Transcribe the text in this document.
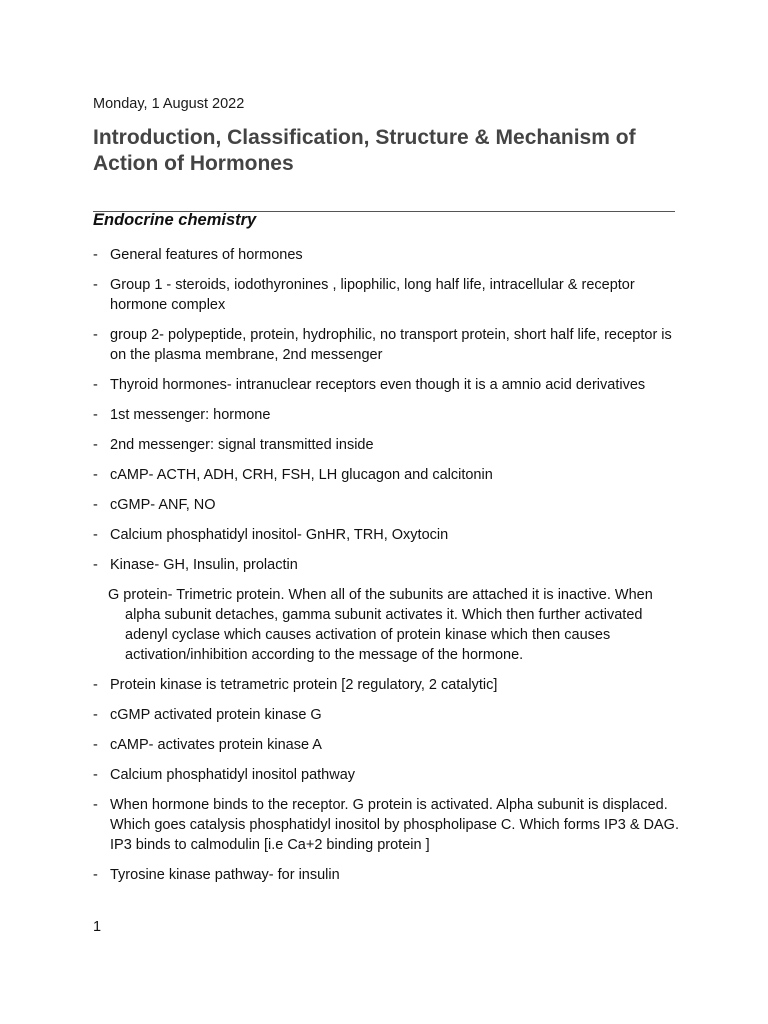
Monday, 1 August 2022
Introduction, Classification, Structure & Mechanism of Action of Hormones
Endocrine chemistry
- General features of hormones
- Group 1 - steroids, iodothyronines , lipophilic, long half life, intracellular & receptor hormone complex
- group 2- polypeptide, protein, hydrophilic, no transport protein, short half life, receptor is on the plasma membrane, 2nd messenger
- Thyroid hormones- intranuclear receptors even though it is a amnio acid derivatives
- 1st messenger: hormone
- 2nd messenger: signal transmitted inside
- cAMP- ACTH, ADH, CRH, FSH, LH glucagon and calcitonin
- cGMP- ANF, NO
- Calcium phosphatidyl inositol- GnHR, TRH, Oxytocin
- Kinase- GH, Insulin, prolactin
G protein- Trimetric protein. When all of the subunits are attached it is inactive. When alpha subunit detaches, gamma subunit activates it. Which then further activated adenyl cyclase which causes activation of protein kinase which then causes activation/inhibition according to the message of the hormone.
- Protein kinase is tetrametric protein [2 regulatory, 2 catalytic]
- cGMP activated protein kinase G
- cAMP- activates protein kinase A
- Calcium phosphatidyl inositol pathway
- When hormone binds to the receptor. G protein is activated. Alpha subunit is displaced. Which goes catalysis phosphatidyl inositol by phospholipase C. Which forms IP3 & DAG. IP3 binds to calmodulin [i.e Ca+2 binding protein ]
- Tyrosine kinase pathway- for insulin
1
